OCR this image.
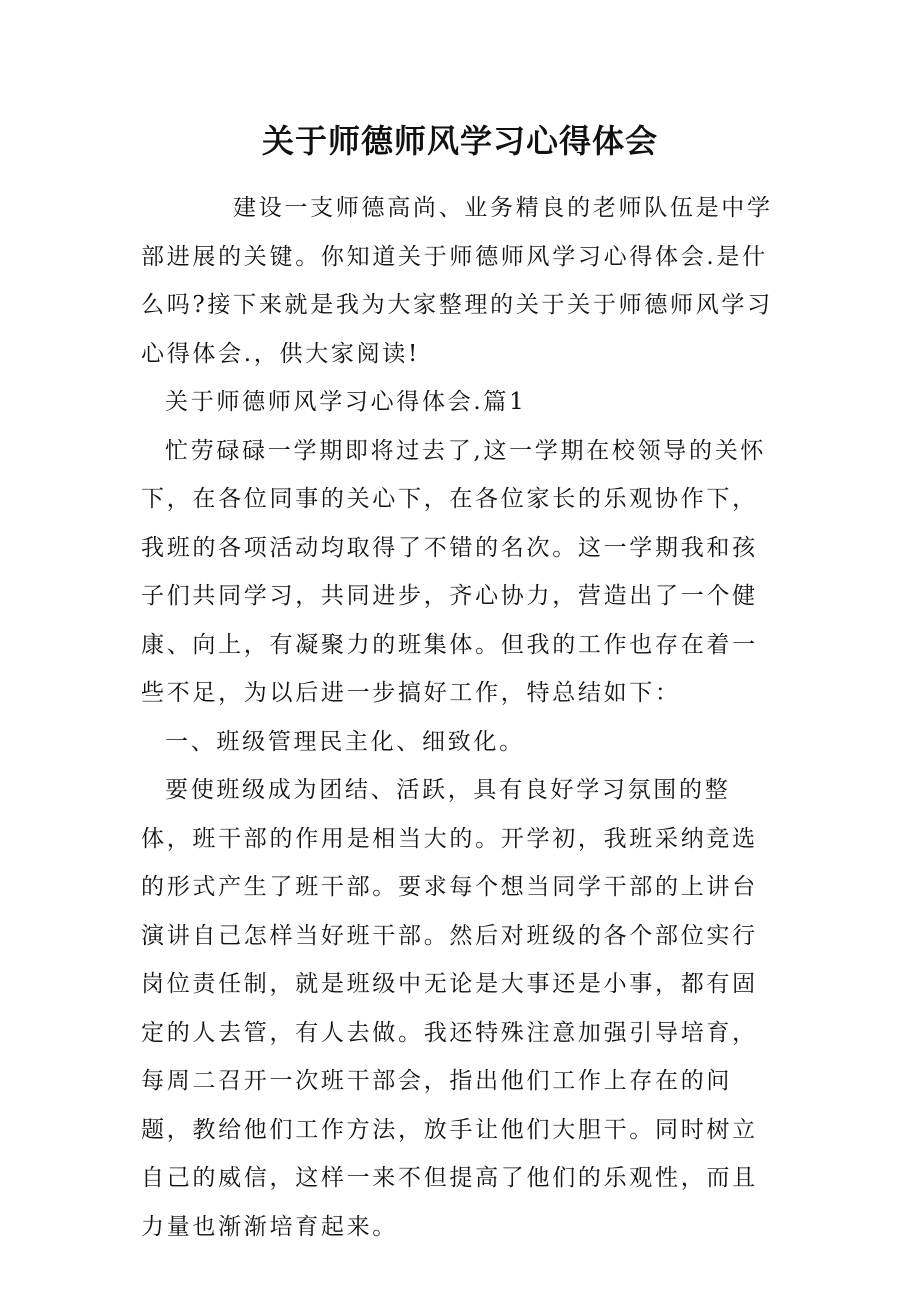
关于师德师风学习心得体会

建设一支师德高尚、业务精良的老师队伍是中学部进展的关键。你知道关于师德师风学习心得体会.是什么吗?接下来就是我为大家整理的关于关于师德师风学习心得体会.，供大家阅读!

关于师德师风学习心得体会.篇1

忙劳碌碌一学期即将过去了,这一学期在校领导的关怀下，在各位同事的关心下，在各位家长的乐观协作下，我班的各项活动均取得了不错的名次。这一学期我和孩子们共同学习，共同进步，齐心协力，营造出了一个健康、向上，有凝聚力的班集体。但我的工作也存在着一些不足，为以后进一步搞好工作，特总结如下：

一、班级管理民主化、细致化。

要使班级成为团结、活跃，具有良好学习氛围的整体，班干部的作用是相当大的。开学初，我班采纳竞选的形式产生了班干部。要求每个想当同学干部的上讲台演讲自己怎样当好班干部。然后对班级的各个部位实行岗位责任制，就是班级中无论是大事还是小事，都有固定的人去管，有人去做。我还特殊注意加强引导培育，每周二召开一次班干部会，指出他们工作上存在的问题，教给他们工作方法，放手让他们大胆干。同时树立自己的威信，这样一来不但提高了他们的乐观性，而且力量也渐渐培育起来。
